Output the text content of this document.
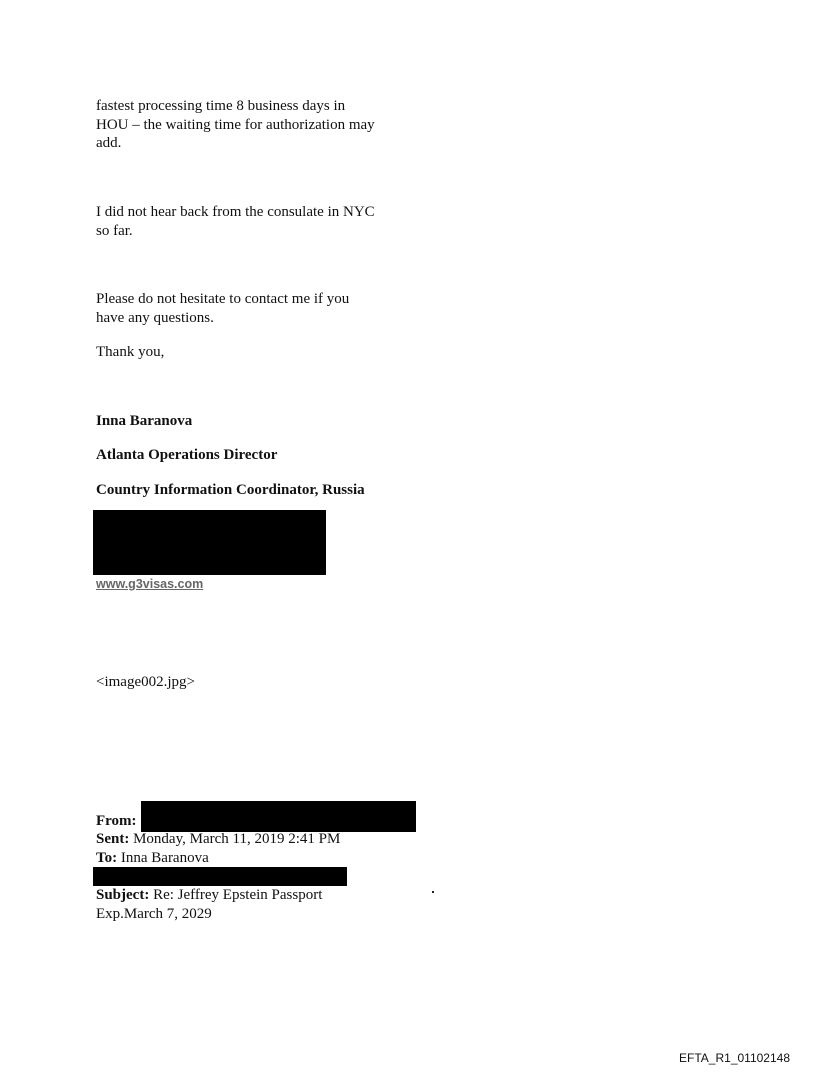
fastest processing time 8 business days in
HOU – the waiting time for authorization may
add.
I did not hear back from the consulate in NYC
so far.
Please do not hesitate to contact me if you
have any questions.
Thank you,
Inna Baranova
Atlanta Operations Director
Country Information Coordinator, Russia
www.g3visas.com
<image002.jpg>
From:
Sent: Monday, March 11, 2019 2:41 PM
To: Inna Baranova
Subject: Re: Jeffrey Epstein Passport
Exp.March 7, 2029
EFTA_R1_01102148
